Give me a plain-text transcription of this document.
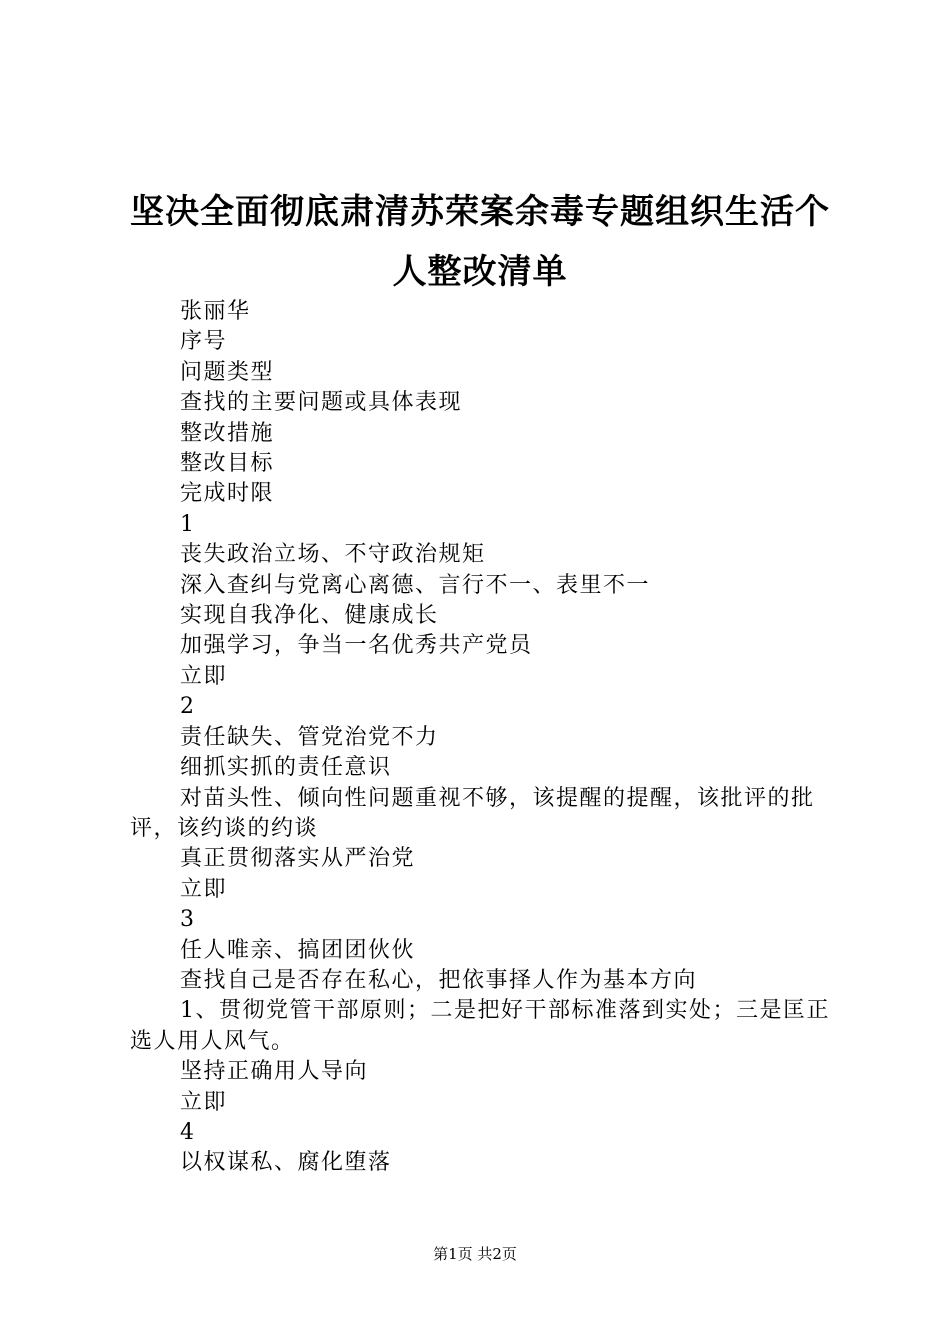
坚决全面彻底肃清苏荣案余毒专题组织生活个人整改清单

张丽华

序号

问题类型

查找的主要问题或具体表现

整改措施

整改目标

完成时限

1

丧失政治立场、不守政治规矩

深入查纠与党离心离德、言行不一、表里不一

实现自我净化、健康成长

加强学习，争当一名优秀共产党员

立即

2

责任缺失、管党治党不力

细抓实抓的责任意识

对苗头性、倾向性问题重视不够，该提醒的提醒，该批评的批评，该约谈的约谈

真正贯彻落实从严治党

立即

3

任人唯亲、搞团团伙伙

查找自己是否存在私心，把依事择人作为基本方向

1、贯彻党管干部原则；二是把好干部标准落到实处；三是匡正选人用人风气。

坚持正确用人导向

立即

4

以权谋私、腐化堕落

第1页 共2页
